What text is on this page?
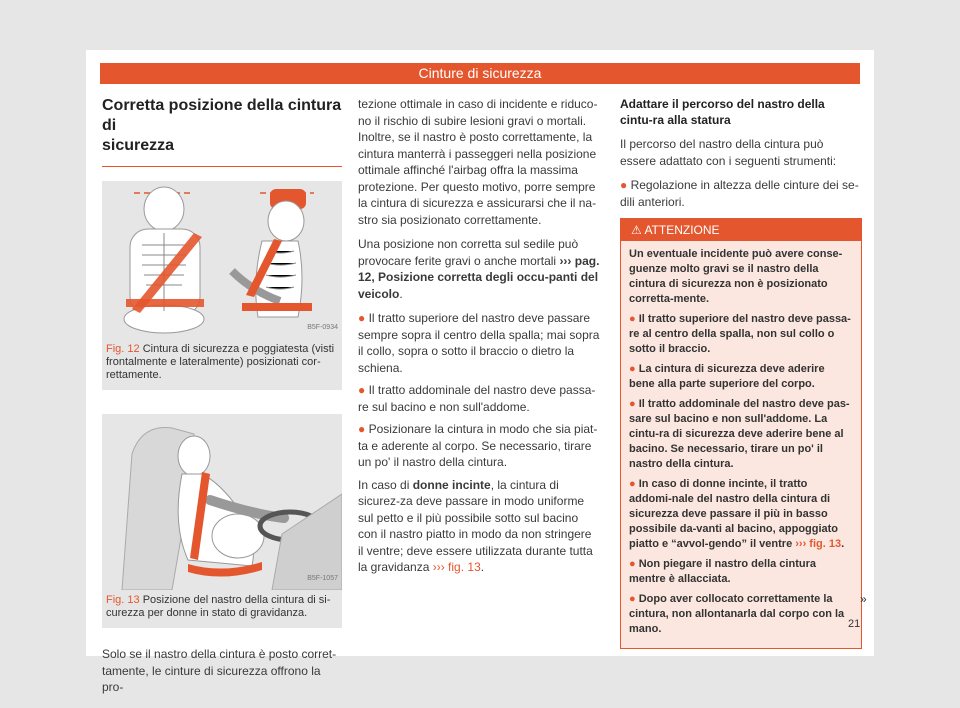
Cinture di sicurezza
Corretta posizione della cintura di
sicurezza
B5F-0934
Fig. 12 Cintura di sicurezza e poggiatesta (visti frontalmente e lateralmente) posizionati cor-rettamente.
B5F-1057
Fig. 13 Posizione del nastro della cintura di si-curezza per donne in stato di gravidanza.

Solo se il nastro della cintura è posto corret-tamente, le cinture di sicurezza offrono la pro-

tezione ottimale in caso di incidente e riduco-no il rischio di subire lesioni gravi o mortali. Inoltre, se il nastro è posto correttamente, la cintura manterrà i passeggeri nella posizione ottimale affinché l'airbag offra la massima protezione. Per questo motivo, porre sempre la cintura di sicurezza e assicurarsi che il na-stro sia posizionato correttamente.

Una posizione non corretta sul sedile può provocare ferite gravi o anche mortali ››› pag. 12, Posizione corretta degli occu-panti del veicolo.

● Il tratto superiore del nastro deve passare sempre sopra il centro della spalla; mai sopra il collo, sopra o sotto il braccio o dietro la schiena.

● Il tratto addominale del nastro deve passa-re sul bacino e non sull'addome.

● Posizionare la cintura in modo che sia piat-ta e aderente al corpo. Se necessario, tirare un po' il nastro della cintura.

In caso di donne incinte, la cintura di sicurez-za deve passare in modo uniforme sul petto e il più possibile sotto sul bacino con il nastro piatto in modo da non stringere il ventre; deve essere utilizzata durante tutta la gravidanza ››› fig. 13.

Adattare il percorso del nastro della cintu-ra alla statura

Il percorso del nastro della cintura può essere adattato con i seguenti strumenti:

● Regolazione in altezza delle cinture dei se-dili anteriori.

⚠ ATTENZIONE

Un eventuale incidente può avere conse-guenze molto gravi se il nastro della cintura di sicurezza non è posizionato corretta-mente.

● Il tratto superiore del nastro deve passa-re al centro della spalla, non sul collo o sotto il braccio.

● La cintura di sicurezza deve aderire bene alla parte superiore del corpo.

● Il tratto addominale del nastro deve pas-sare sul bacino e non sull'addome. La cintu-ra di sicurezza deve aderire bene al bacino. Se necessario, tirare un po' il nastro della cintura.

● In caso di donne incinte, il tratto addomi-nale del nastro della cintura di sicurezza deve passare il più in basso possibile da-vanti al bacino, appoggiato piatto e “avvol-gendo” il ventre ››› fig. 13.

● Non piegare il nastro della cintura mentre è allacciata.

● Dopo aver collocato correttamente la cintura, non allontanarla dal corpo con la mano.

»
21
